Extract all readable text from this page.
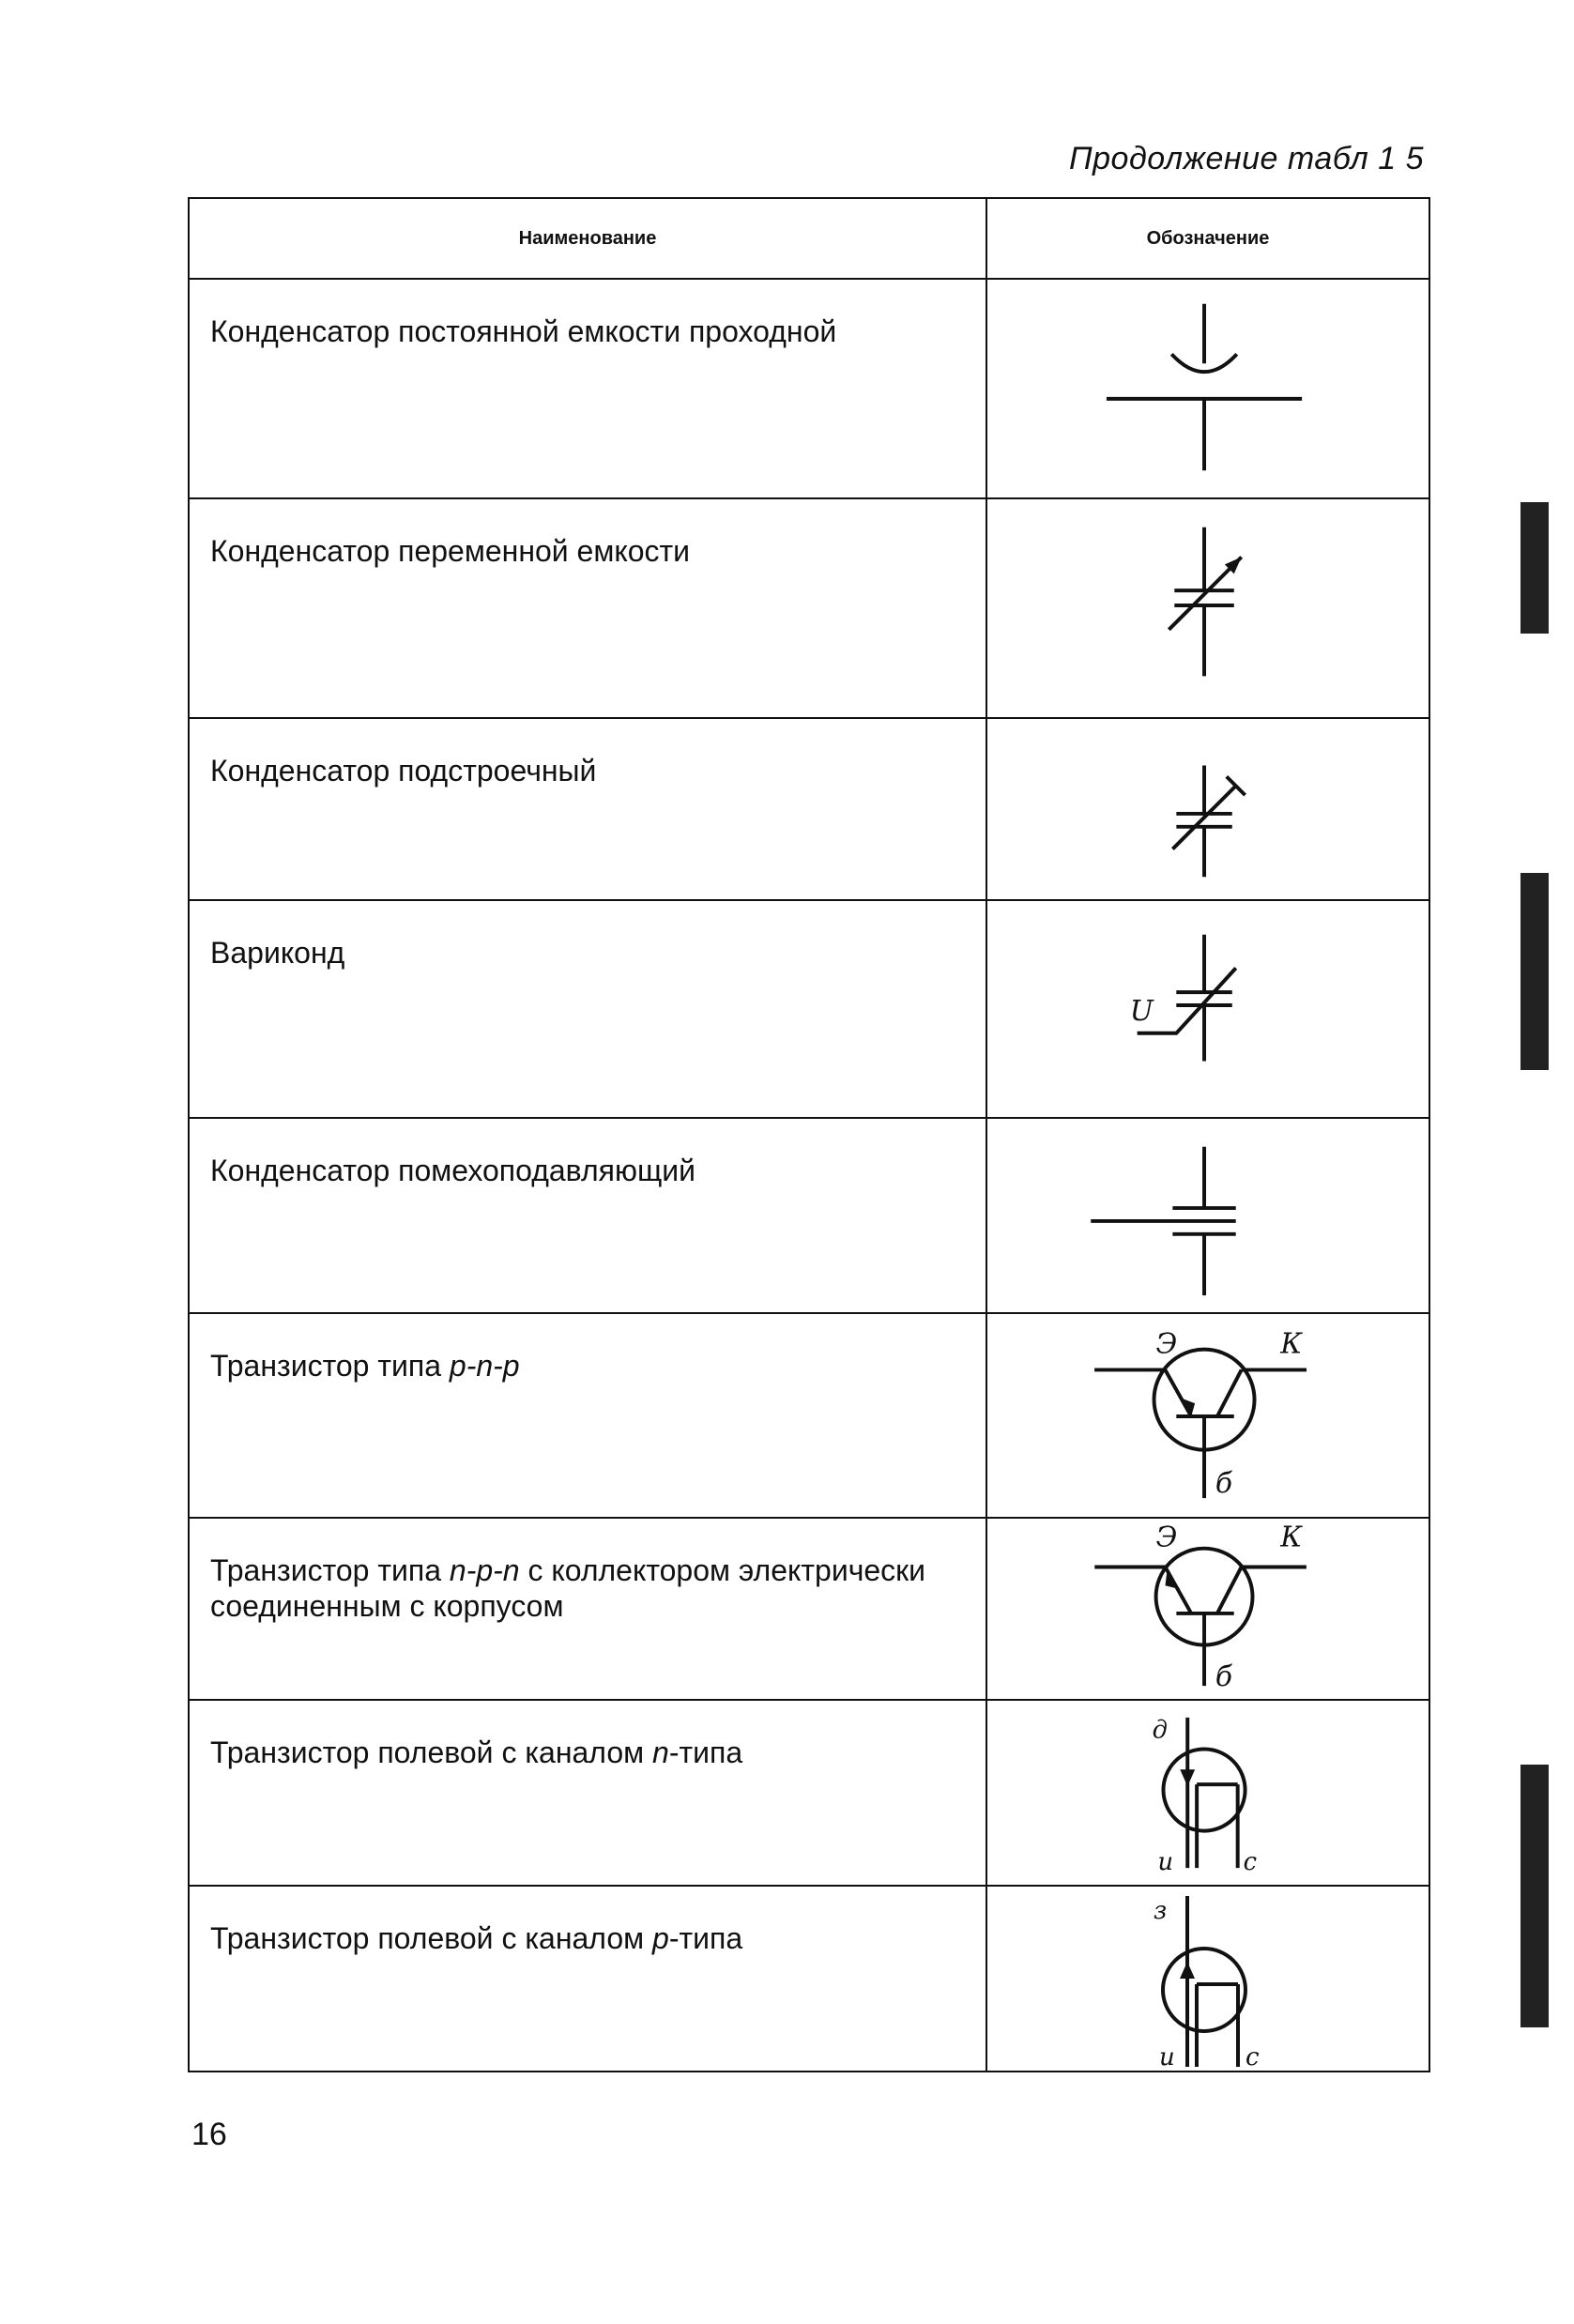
Продолжение табл 1 5
Наименование	Обозначение
Конденсатор постоянной емкости проходной
Конденсатор переменной емкости
Конденсатор подстроечный
Вариконд
U
Конденсатор помехоподавляющий
Транзистор типа p-n-p
Э	К
б
Транзистор типа n-p-n с коллектором электрически соединенным с корпусом
Э	К
б
Транзистор полевой с каналом n-типа
д
и	с
Транзистор полевой с каналом p-типа
з
и	с
16
